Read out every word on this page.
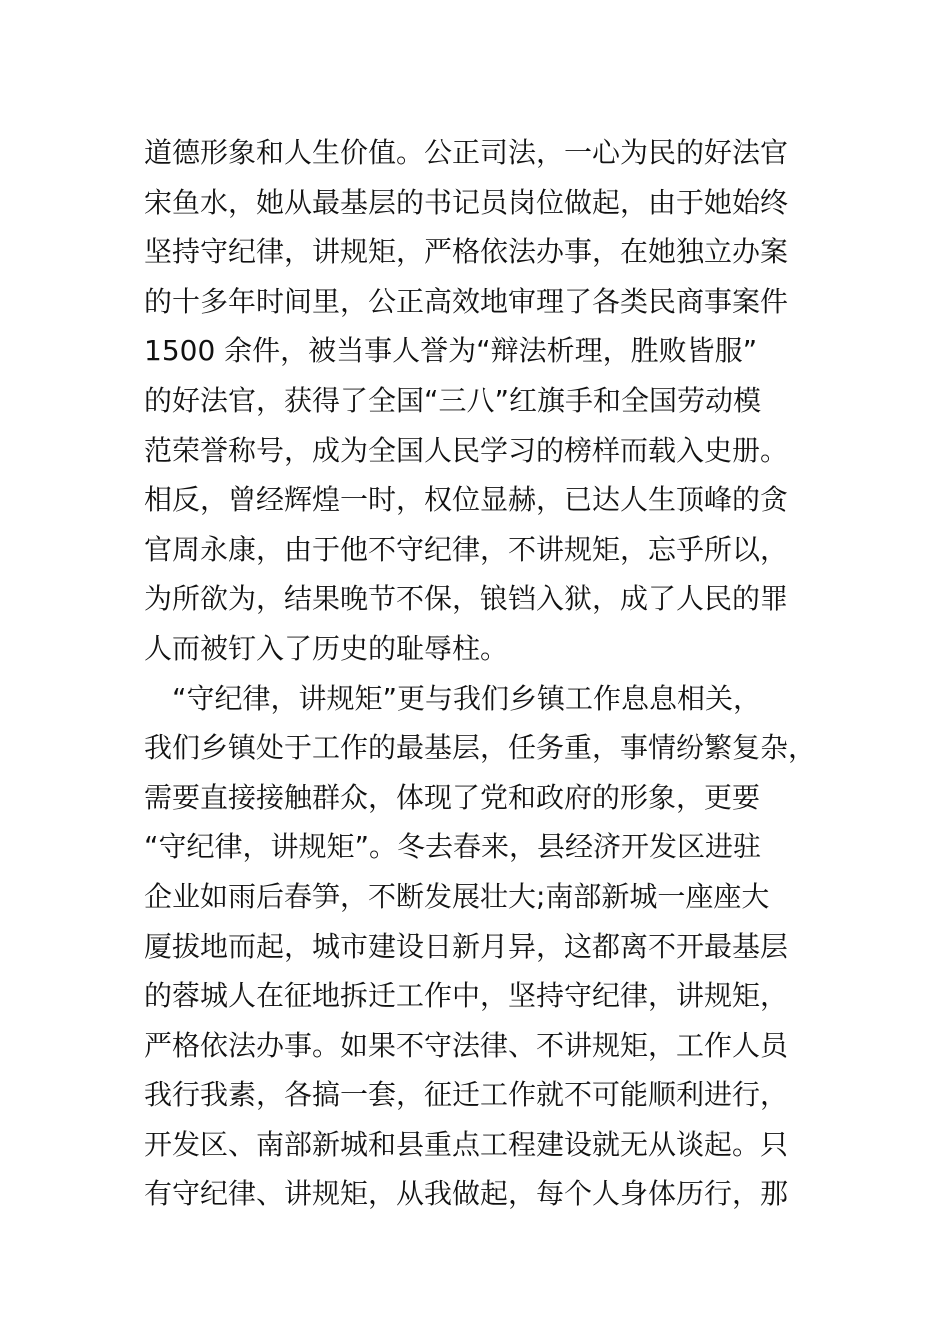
道德形象和人生价值。公正司法，一心为民的好法官
宋鱼水，她从最基层的书记员岗位做起，由于她始终
坚持守纪律，讲规矩，严格依法办事，在她独立办案
的十多年时间里，公正高效地审理了各类民商事案件
1500 余件，被当事人誉为“辩法析理，胜败皆服”
的好法官，获得了全国“三八”红旗手和全国劳动模
范荣誉称号，成为全国人民学习的榜样而载入史册。
相反，曾经辉煌一时，权位显赫，已达人生顶峰的贪
官周永康，由于他不守纪律，不讲规矩，忘乎所以，
为所欲为，结果晚节不保，锒铛入狱，成了人民的罪
人而被钉入了历史的耻辱柱。
“守纪律，讲规矩”更与我们乡镇工作息息相关，
我们乡镇处于工作的最基层，任务重，事情纷繁复杂，
需要直接接触群众，体现了党和政府的形象，更要
“守纪律，讲规矩”。冬去春来，县经济开发区进驻
企业如雨后春笋，不断发展壮大;南部新城一座座大
厦拔地而起，城市建设日新月异，这都离不开最基层
的蓉城人在征地拆迁工作中，坚持守纪律，讲规矩，
严格依法办事。如果不守法律、不讲规矩，工作人员
我行我素，各搞一套，征迁工作就不可能顺利进行，
开发区、南部新城和县重点工程建设就无从谈起。只
有守纪律、讲规矩，从我做起，每个人身体历行，那
